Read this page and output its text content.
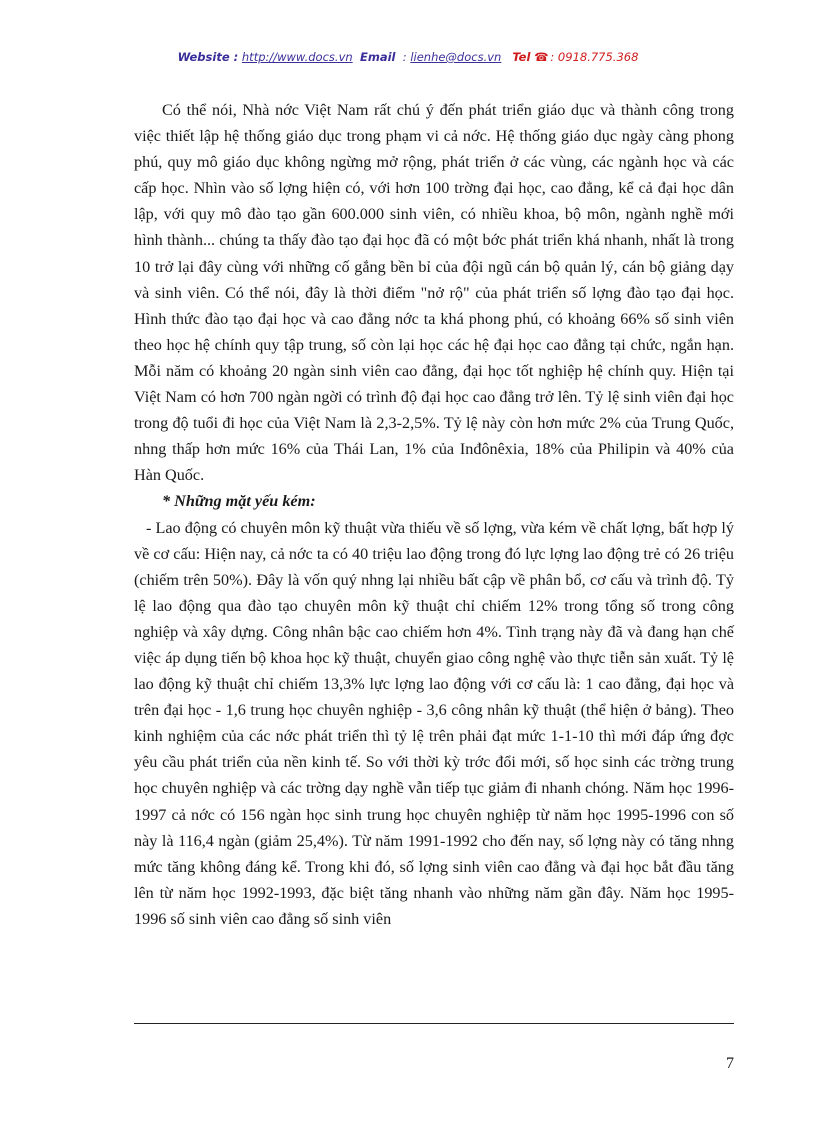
Website : http://www.docs.vn Email : lienhe@docs.vn Tel ☎ : 0918.775.368

Có thể nói, Nhà nớc Việt Nam rất chú ý đến phát triển giáo dục và thành công trong việc thiết lập hệ thống giáo dục trong phạm vi cả nớc. Hệ thống giáo dục ngày càng phong phú, quy mô giáo dục không ngừng mở rộng, phát triển ở các vùng, các ngành học và các cấp học. Nhìn vào số lợng hiện có, với hơn 100 trờng đại học, cao đẳng, kể cả đại học dân lập, với quy mô đào tạo gần 600.000 sinh viên, có nhiều khoa, bộ môn, ngành nghề mới hình thành... chúng ta thấy đào tạo đại học đã có một bớc phát triển khá nhanh, nhất là trong 10 trở lại đây cùng với những cố gắng bền bỉ của đội ngũ cán bộ quản lý, cán bộ giảng dạy và sinh viên. Có thể nói, đây là thời điểm "nở rộ" của phát triển số lợng đào tạo đại học. Hình thức đào tạo đại học và cao đẳng nớc ta khá phong phú, có khoảng 66% số sinh viên theo học hệ chính quy tập trung, số còn lại học các hệ đại học cao đẳng tại chức, ngắn hạn. Mỗi năm có khoảng 20 ngàn sinh viên cao đẳng, đại học tốt nghiệp hệ chính quy. Hiện tại Việt Nam có hơn 700 ngàn ngời có trình độ đại học cao đẳng trở lên. Tỷ lệ sinh viên đại học trong độ tuổi đi học của Việt Nam là 2,3-2,5%. Tỷ lệ này còn hơn mức 2% của Trung Quốc, nhng thấp hơn mức 16% của Thái Lan, 1% của Inđônêxia, 18% của Philipin và 40% của Hàn Quốc.

* Những mặt yếu kém:

- Lao động có chuyên môn kỹ thuật vừa thiếu về số lợng, vừa kém về chất lợng, bất hợp lý về cơ cấu: Hiện nay, cả nớc ta có 40 triệu lao động trong đó lực lợng lao động trẻ có 26 triệu (chiếm trên 50%). Đây là vốn quý nhng lại nhiều bất cập về phân bổ, cơ cấu và trình độ. Tỷ lệ lao động qua đào tạo chuyên môn kỹ thuật chỉ chiếm 12% trong tổng số trong công nghiệp và xây dựng. Công nhân bậc cao chiếm hơn 4%. Tình trạng này đã và đang hạn chế việc áp dụng tiến bộ khoa học kỹ thuật, chuyển giao công nghệ vào thực tiễn sản xuất. Tỷ lệ lao động kỹ thuật chỉ chiếm 13,3% lực lợng lao động với cơ cấu là: 1 cao đẳng, đại học và trên đại học - 1,6 trung học chuyên nghiệp - 3,6 công nhân kỹ thuật (thể hiện ở bảng). Theo kinh nghiệm của các nớc phát triển thì tỷ lệ trên phải đạt mức 1-1-10 thì mới đáp ứng đợc yêu cầu phát triển của nền kinh tế. So với thời kỳ trớc đổi mới, số học sinh các trờng trung học chuyên nghiệp và các trờng dạy nghề vẫn tiếp tục giảm đi nhanh chóng. Năm học 1996-1997 cả nớc có 156 ngàn học sinh trung học chuyên nghiệp từ năm học 1995-1996 con số này là 116,4 ngàn (giảm 25,4%). Từ năm 1991-1992 cho đến nay, số lợng này có tăng nhng mức tăng không đáng kể. Trong khi đó, số lợng sinh viên cao đẳng và đại học bắt đầu tăng lên từ năm học 1992-1993, đặc biệt tăng nhanh vào những năm gần đây. Năm học 1995-1996 số sinh viên cao đẳng số sinh viên

7
